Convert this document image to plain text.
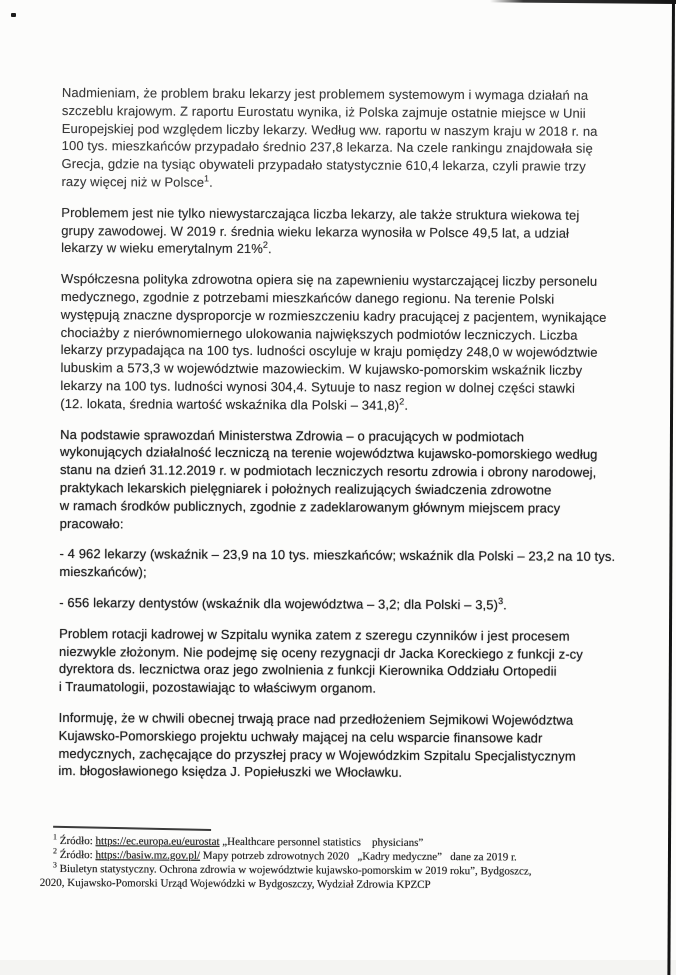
Nadmieniam, że problem braku lekarzy jest problemem systemowym i wymaga działań na
szczeblu krajowym. Z raportu Eurostatu wynika, iż Polska zajmuje ostatnie miejsce w Unii
Europejskiej pod względem liczby lekarzy. Według ww. raportu w naszym kraju w 2018 r. na
100 tys. mieszkańców przypadało średnio 237,8 lekarza. Na czele rankingu znajdowała się
Grecja, gdzie na tysiąc obywateli przypadało statystycznie 610,4 lekarza, czyli prawie trzy
razy więcej niż w Polsce$^1$.

Problemem jest nie tylko niewystarczająca liczba lekarzy, ale także struktura wiekowa tej
grupy zawodowej. W 2019 r. średnia wieku lekarza wynosiła w Polsce 49,5 lat, a udział
lekarzy w wieku emerytalnym 21%$^2$.

Współczesna polityka zdrowotna opiera się na zapewnieniu wystarczającej liczby personelu
medycznego, zgodnie z potrzebami mieszkańców danego regionu. Na terenie Polski
występują znaczne dysproporcje w rozmieszczeniu kadry pracującej z pacjentem, wynikające
chociażby z nierównomiernego ulokowania największych podmiotów leczniczych. Liczba
lekarzy przypadająca na 100 tys. ludności oscyluje w kraju pomiędzy 248,0 w województwie
lubuskim a 573,3 w województwie mazowieckim. W kujawsko-pomorskim wskaźnik liczby
lekarzy na 100 tys. ludności wynosi 304,4. Sytuuje to nasz region w dolnej części stawki
(12. lokata, średnia wartość wskaźnika dla Polski – 341,8)$^2$.

Na podstawie sprawozdań Ministerstwa Zdrowia – o pracujących w podmiotach
wykonujących działalność leczniczą na terenie województwa kujawsko-pomorskiego według
stanu na dzień 31.12.2019 r. w podmiotach leczniczych resortu zdrowia i obrony narodowej,
praktykach lekarskich pielęgniarek i położnych realizujących świadczenia zdrowotne
w ramach środków publicznych, zgodnie z zadeklarowanym głównym miejscem pracy
pracowało:

- 4 962 lekarzy (wskaźnik – 23,9 na 10 tys. mieszkańców; wskaźnik dla Polski – 23,2 na 10 tys.
mieszkańców);

- 656 lekarzy dentystów (wskaźnik dla województwa – 3,2; dla Polski – 3,5)$^3$.

Problem rotacji kadrowej w Szpitalu wynika zatem z szeregu czynników i jest procesem
niezwykle złożonym. Nie podejmę się oceny rezygnacji dr Jacka Koreckiego z funkcji z-cy
dyrektora ds. lecznictwa oraz jego zwolnienia z funkcji Kierownika Oddziału Ortopedii
i Traumatologii, pozostawiając to właściwym organom.

Informuję, że w chwili obecnej trwają prace nad przedłożeniem Sejmikowi Województwa
Kujawsko-Pomorskiego projektu uchwały mającej na celu wsparcie finansowe kadr
medycznych, zachęcające do przyszłej pracy w Wojewódzkim Szpitalu Specjalistycznym
im. błogosławionego księdza J. Popiełuszki we Włocławku.

$^1$ Źródło: https://ec.europa.eu/eurostat „Healthcare personnel statistics    physicians”
$^2$ Źródło: https://basiw.mz.gov.pl/ Mapy potrzeb zdrowotnych 2020   „Kadry medyczne”   dane za 2019 r.
$^3$ Biuletyn statystyczny. Ochrona zdrowia w województwie kujawsko-pomorskim w 2019 roku”, Bydgoszcz,
2020, Kujawsko-Pomorski Urząd Wojewódzki w Bydgoszczy, Wydział Zdrowia KPZCP
